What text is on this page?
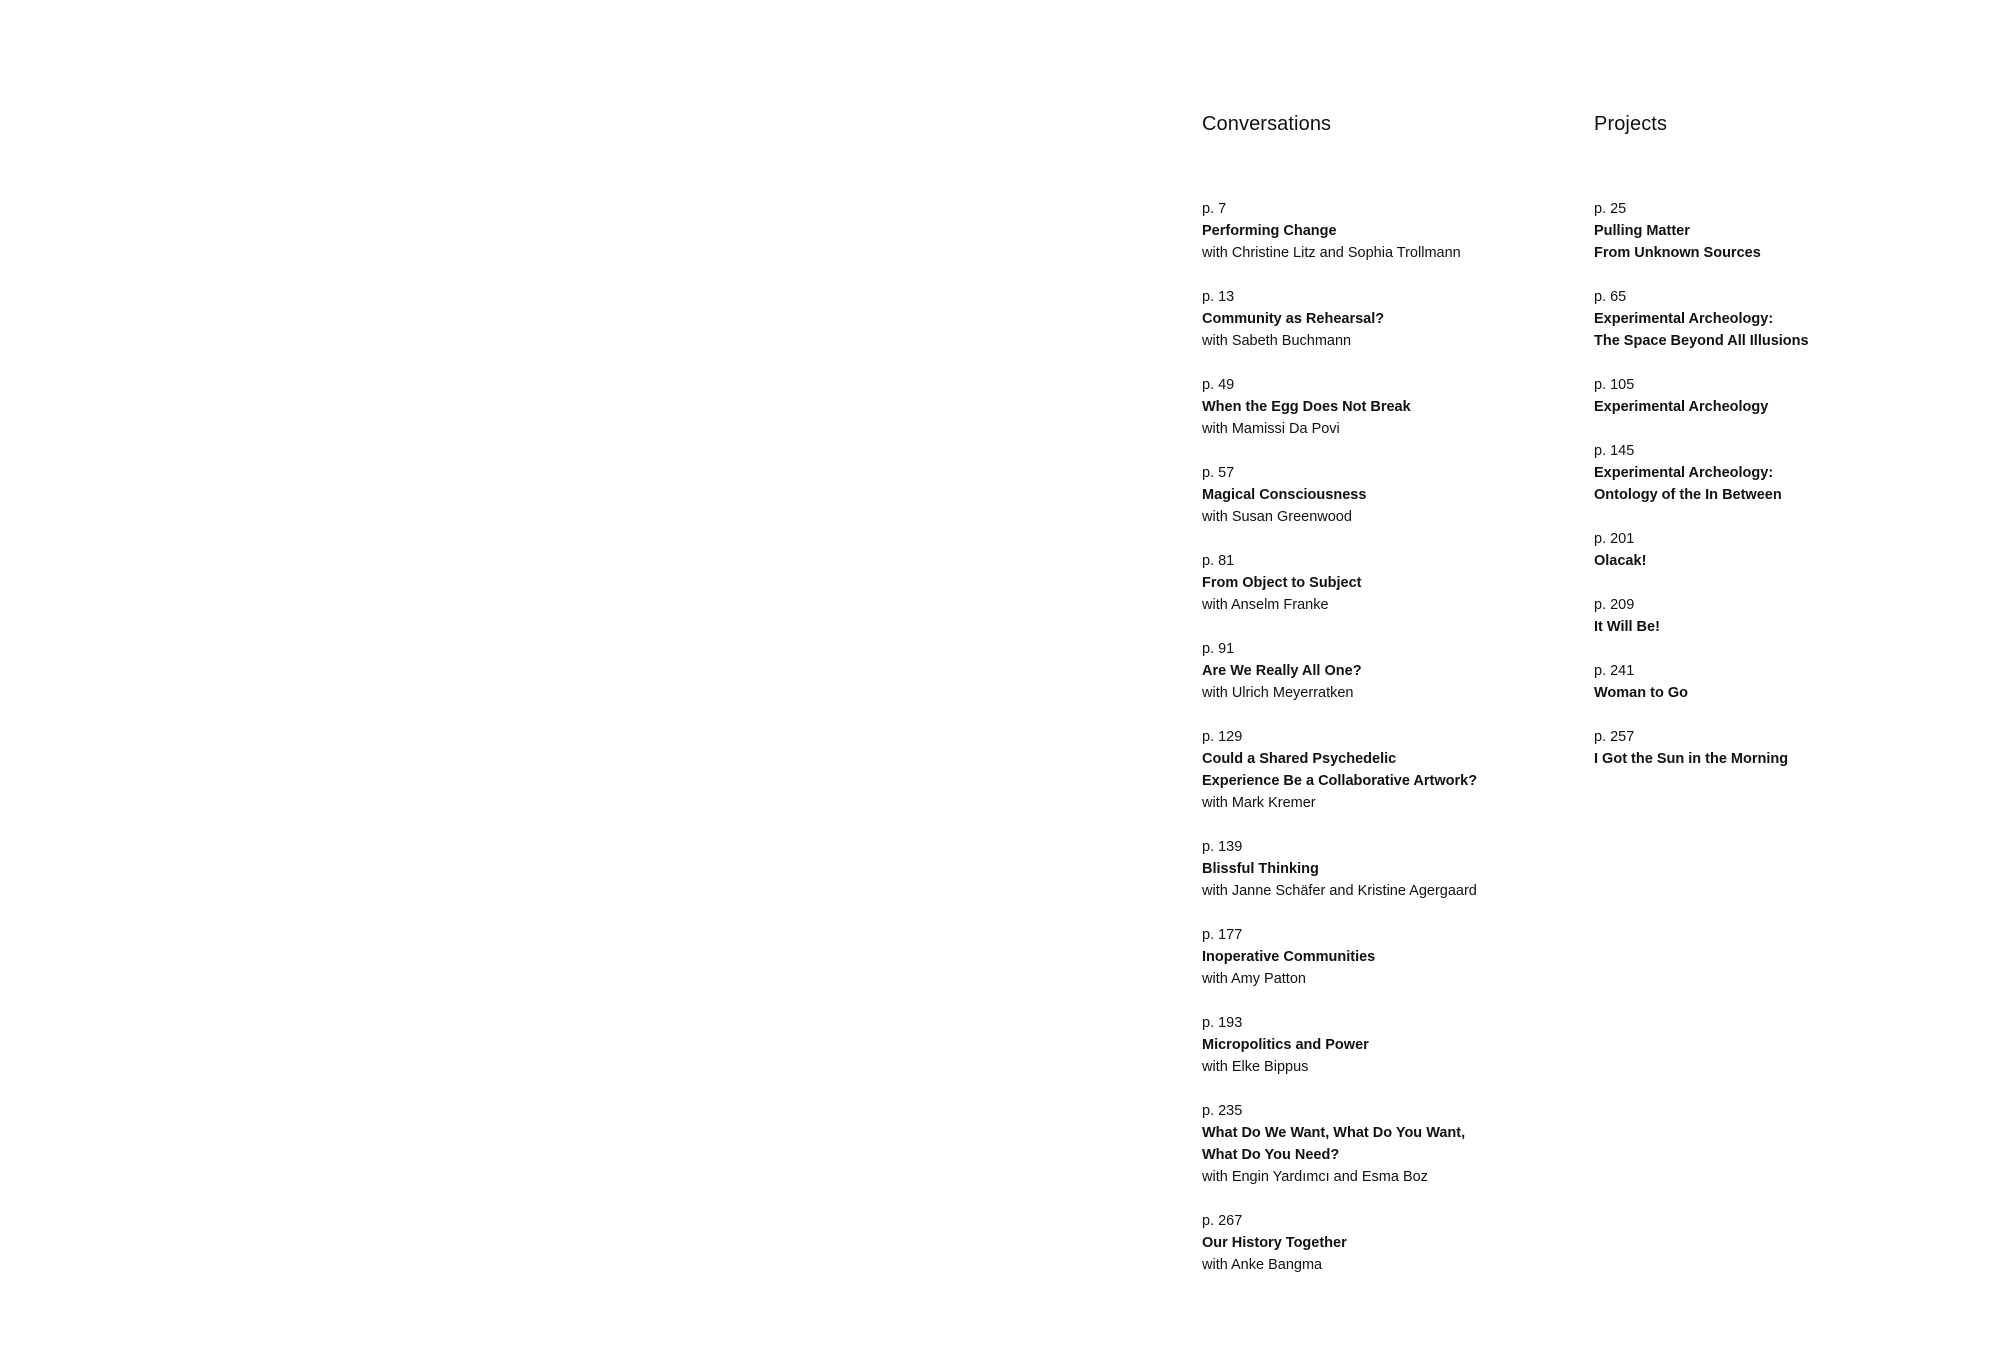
Conversations
p. 7
Performing Change
with Christine Litz and Sophia Trollmann
p. 13
Community as Rehearsal?
with Sabeth Buchmann
p. 49
When the Egg Does Not Break
with Mamissi Da Povi
p. 57
Magical Consciousness
with Susan Greenwood
p. 81
From Object to Subject
with Anselm Franke
p. 91
Are We Really All One?
with Ulrich Meyerratken
p. 129
Could a Shared Psychedelic
Experience Be a Collaborative Artwork?
with Mark Kremer
p. 139
Blissful Thinking
with Janne Schäfer and Kristine Agergaard
p. 177
Inoperative Communities
with Amy Patton
p. 193
Micropolitics and Power
with Elke Bippus
p. 235
What Do We Want, What Do You Want,
What Do You Need?
with Engin Yardımcı and Esma Boz
p. 267
Our History Together
with Anke Bangma
Projects
p. 25
Pulling Matter
From Unknown Sources
p. 65
Experimental Archeology:
The Space Beyond All Illusions
p. 105
Experimental Archeology
p. 145
Experimental Archeology:
Ontology of the In Between
p. 201
Olacak!
p. 209
It Will Be!
p. 241
Woman to Go
p. 257
I Got the Sun in the Morning
